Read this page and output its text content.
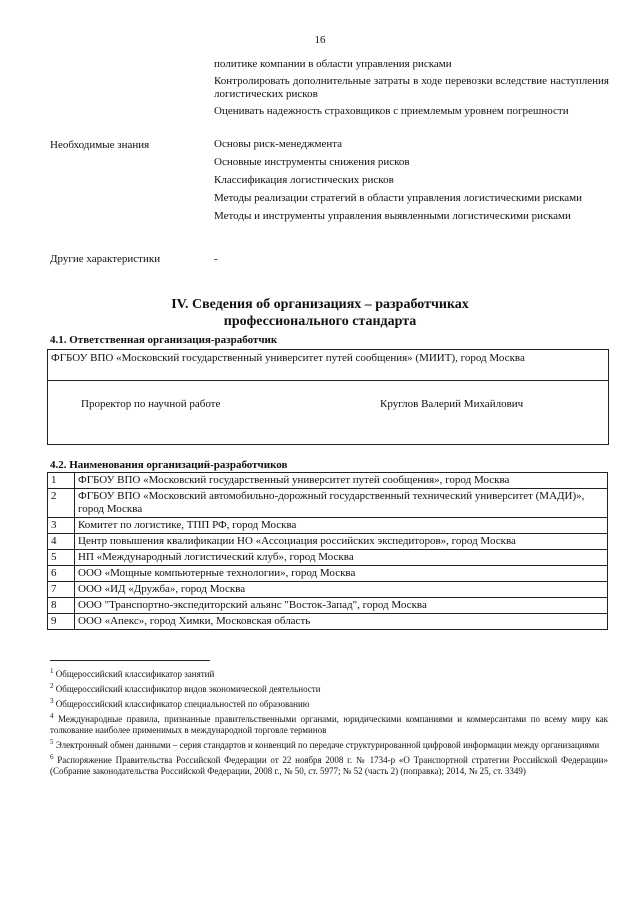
16
политике компании в области управления рисками
Контролировать дополнительные затраты в ходе перевозки вследствие наступления логистических рисков
Оценивать надежность страховщиков с приемлемым уровнем погрешности
Необходимые знания	Основы риск-менеджмента
Основные инструменты снижения рисков
Классификация логистических рисков
Методы реализации стратегий в области управления логистическими рисками
Методы и инструменты управления выявленными логистическими рисками
Другие характеристики	-
IV. Сведения об организациях – разработчиках
профессионального стандарта
4.1. Ответственная организация-разработчик
ФГБОУ ВПО «Московский государственный университет путей сообщения» (МИИТ), город Москва
Проректор по научной работе	Круглов Валерий Михайлович
4.2. Наименования организаций-разработчиков
1	ФГБОУ ВПО «Московский государственный университет путей сообщения», город Москва
2	ФГБОУ ВПО «Московский автомобильно-дорожный государственный технический университет (МАДИ)», город Москва
3	Комитет по логистике, ТПП РФ, город Москва
4	Центр повышения квалификации НО «Ассоциация российских экспедиторов», город Москва
5	НП «Международный логистический клуб», город Москва
6	ООО «Мощные компьютерные технологии», город Москва
7	ООО «ИД «Дружба», город Москва
8	ООО "Транспортно-экспедиторский альянс "Восток-Запад", город Москва
9	ООО «Апекс», город Химки, Московская область
$^1$ Общероссийский классификатор занятий
$^2$ Общероссийский классификатор видов экономической деятельности
$^3$ Общероссийский классификатор специальностей по образованию
$^4$ Международные правила, признанные правительственными органами, юридическими компаниями и коммерсантами по всему миру как толкование наиболее применимых в международной торговле терминов
$^5$ Электронный обмен данными – серия стандартов и конвенций по передаче структурированной цифровой информации между организациями
$^6$ Распоряжение Правительства Российской Федерации от 22 ноября 2008 г. № 1734-р «О Транспортной стратегии Российской Федерации» (Собрание законодательства Российской Федерации, 2008 г., № 50, ст. 5977; № 52 (часть 2) (поправка); 2014, № 25, ст. 3349)
